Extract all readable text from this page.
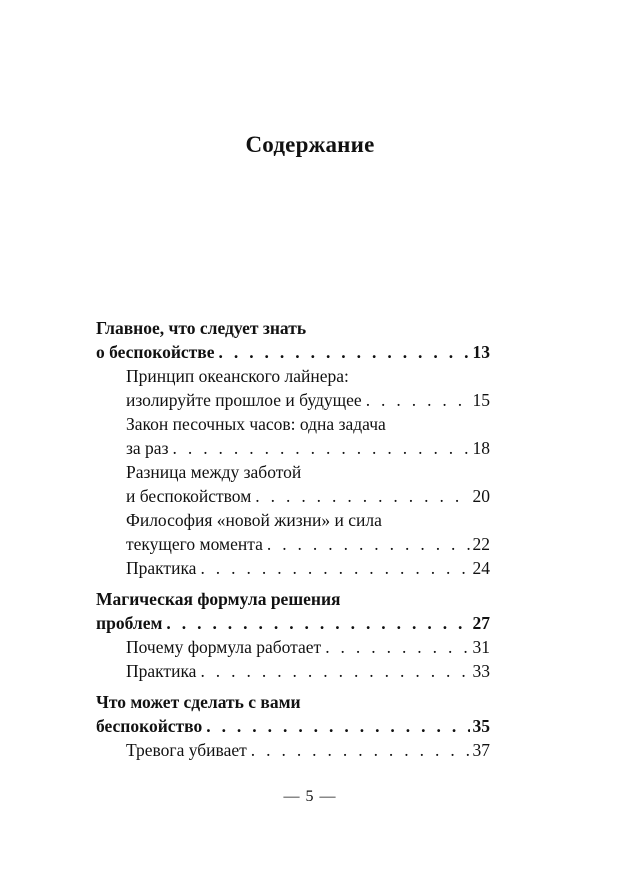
Содержание
Главное, что следует знать
о беспокойстве . . .	13
Принцип океанского лайнера:
изолируйте прошлое и будущее . . .	15
Закон песочных часов: одна задача
за раз . . .	18
Разница между заботой
и беспокойством . . .	20
Философия «новой жизни» и сила
текущего момента . . .	22
Практика . . .	24
Магическая формула решения
проблем . . .	27
Почему формула работает . . .	31
Практика . . .	33
Что может сделать с вами
беспокойство . . .	35
Тревога убивает . . .	37
— 5 —
